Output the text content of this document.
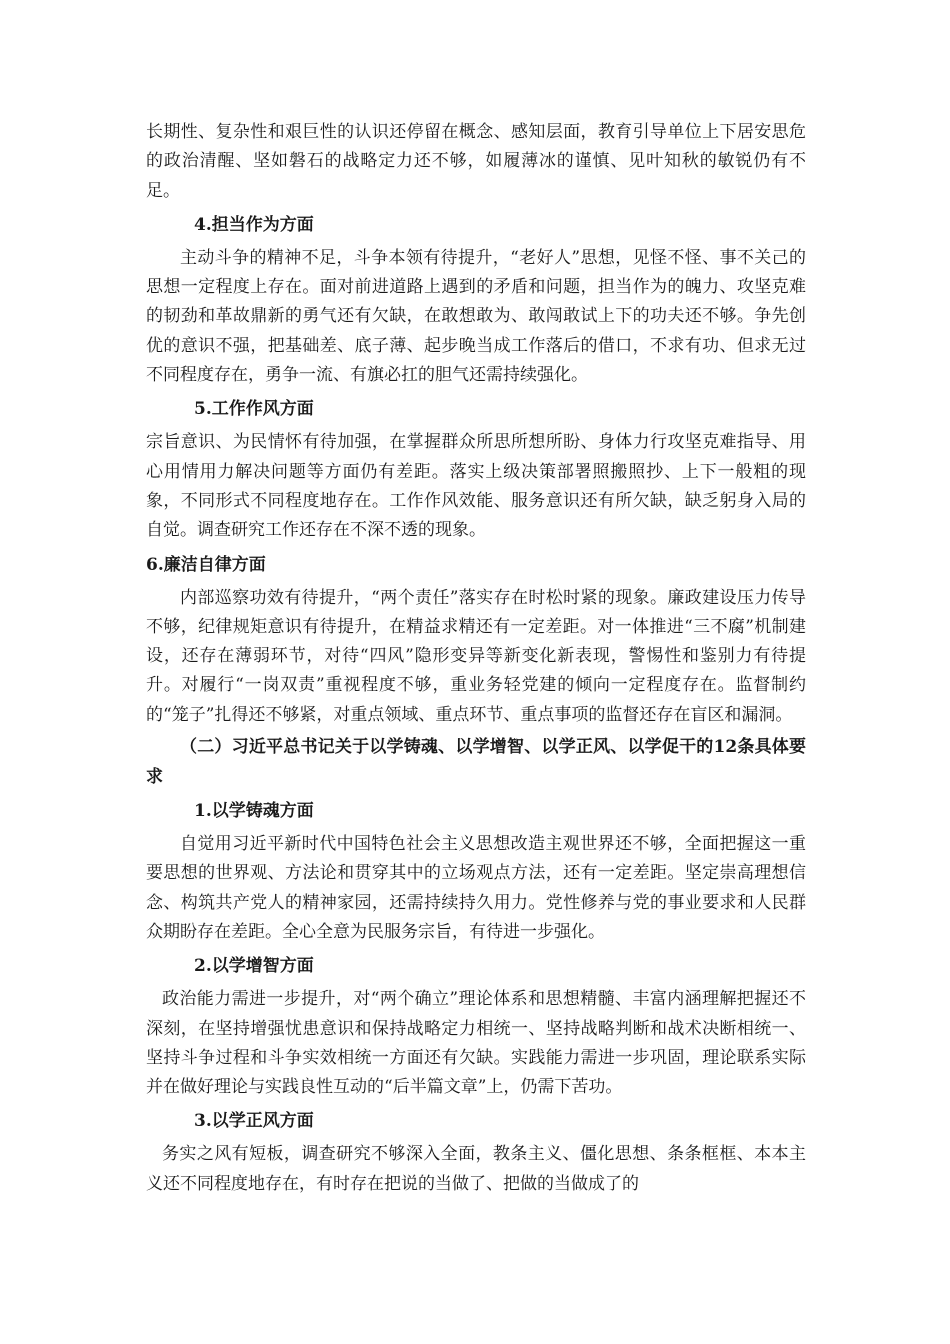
长期性、复杂性和艰巨性的认识还停留在概念、感知层面，教育引导单位上下居安思危的政治清醒、坚如磐石的战略定力还不够，如履薄冰的谨慎、见叶知秋的敏锐仍有不足。

4.担当作为方面

主动斗争的精神不足，斗争本领有待提升，“老好人”思想，见怪不怪、事不关己的思想一定程度上存在。面对前进道路上遇到的矛盾和问题，担当作为的魄力、攻坚克难的韧劲和革故鼎新的勇气还有欠缺，在敢想敢为、敢闯敢试上下的功夫还不够。争先创优的意识不强，把基础差、底子薄、起步晚当成工作落后的借口，不求有功、但求无过不同程度存在，勇争一流、有旗必扛的胆气还需持续强化。

5.工作作风方面

宗旨意识、为民情怀有待加强，在掌握群众所思所想所盼、身体力行攻坚克难指导、用心用情用力解决问题等方面仍有差距。落实上级决策部署照搬照抄、上下一般粗的现象，不同形式不同程度地存在。工作作风效能、服务意识还有所欠缺，缺乏躬身入局的自觉。调查研究工作还存在不深不透的现象。

6.廉洁自律方面

内部巡察功效有待提升，“两个责任”落实存在时松时紧的现象。廉政建设压力传导不够，纪律规矩意识有待提升，在精益求精还有一定差距。对一体推进“三不腐”机制建设，还存在薄弱环节，对待“四风”隐形变异等新变化新表现，警惕性和鉴别力有待提升。对履行“一岗双责”重视程度不够，重业务轻党建的倾向一定程度存在。监督制约的“笼子”扎得还不够紧，对重点领域、重点环节、重点事项的监督还存在盲区和漏洞。

（二）习近平总书记关于以学铸魂、以学增智、以学正风、以学促干的12条具体要求
1.以学铸魂方面

自觉用习近平新时代中国特色社会主义思想改造主观世界还不够，全面把握这一重要思想的世界观、方法论和贯穿其中的立场观点方法，还有一定差距。坚定崇高理想信念、构筑共产党人的精神家园，还需持续持久用力。党性修养与党的事业要求和人民群众期盼存在差距。全心全意为民服务宗旨，有待进一步强化。

2.以学增智方面

政治能力需进一步提升，对“两个确立”理论体系和思想精髓、丰富内涵理解把握还不深刻，在坚持增强忧患意识和保持战略定力相统一、坚持战略判断和战术决断相统一、坚持斗争过程和斗争实效相统一方面还有欠缺。实践能力需进一步巩固，理论联系实际并在做好理论与实践良性互动的“后半篇文章”上，仍需下苦功。

3.以学正风方面

务实之风有短板，调查研究不够深入全面，教条主义、僵化思想、条条框框、本本主义还不同程度地存在，有时存在把说的当做了、把做的当做成了的
